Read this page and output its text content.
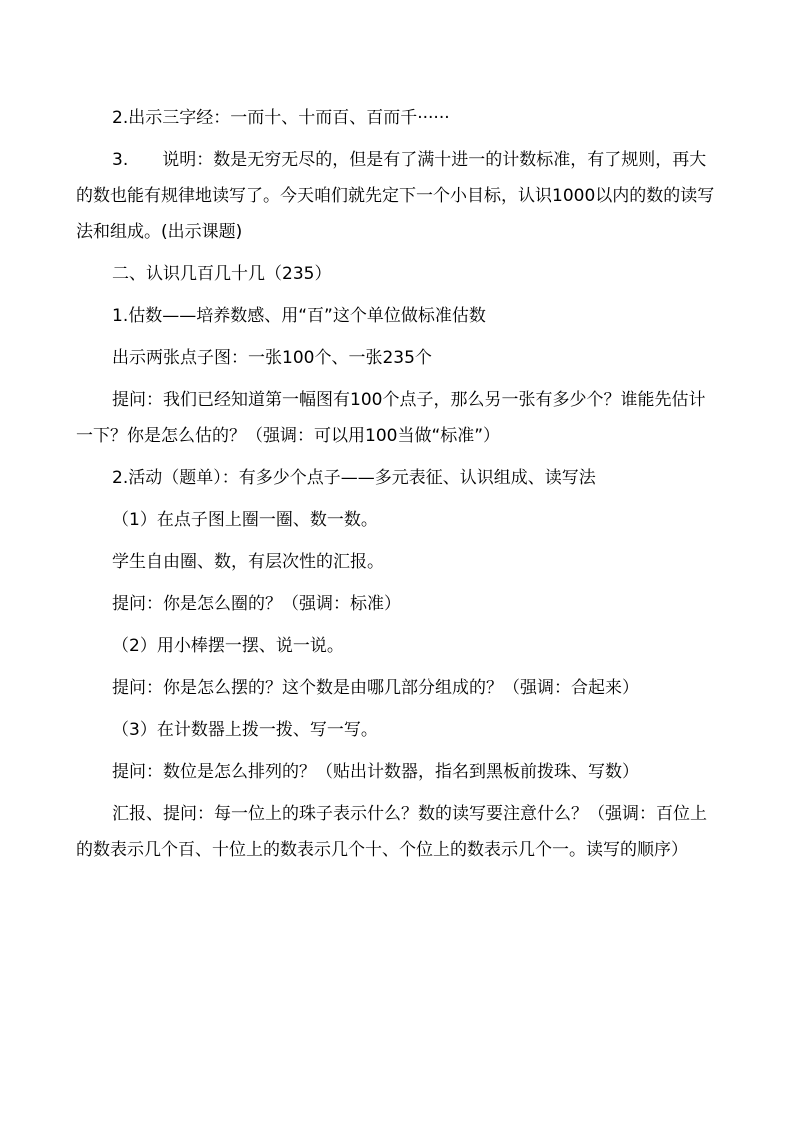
2.出示三字经：一而十、十而百、百而千······

3.　　说明：数是无穷无尽的，但是有了满十进一的计数标准，有了规则，再大的数也能有规律地读写了。今天咱们就先定下一个小目标，认识1000以内的数的读写法和组成。(出示课题)

二、认识几百几十几（235）

1.估数——培养数感、用“百”这个单位做标准估数

出示两张点子图：一张100个、一张235个

提问：我们已经知道第一幅图有100个点子，那么另一张有多少个？谁能先估计一下？你是怎么估的？（强调：可以用100当做“标准”）

2.活动（题单）：有多少个点子——多元表征、认识组成、读写法

（1）在点子图上圈一圈、数一数。

学生自由圈、数，有层次性的汇报。

提问：你是怎么圈的？（强调：标准）

（2）用小棒摆一摆、说一说。

提问：你是怎么摆的？这个数是由哪几部分组成的？（强调：合起来）

（3）在计数器上拨一拨、写一写。

提问：数位是怎么排列的？（贴出计数器，指名到黑板前拨珠、写数）

汇报、提问：每一位上的珠子表示什么？数的读写要注意什么？（强调：百位上的数表示几个百、十位上的数表示几个十、个位上的数表示几个一。读写的顺序）
